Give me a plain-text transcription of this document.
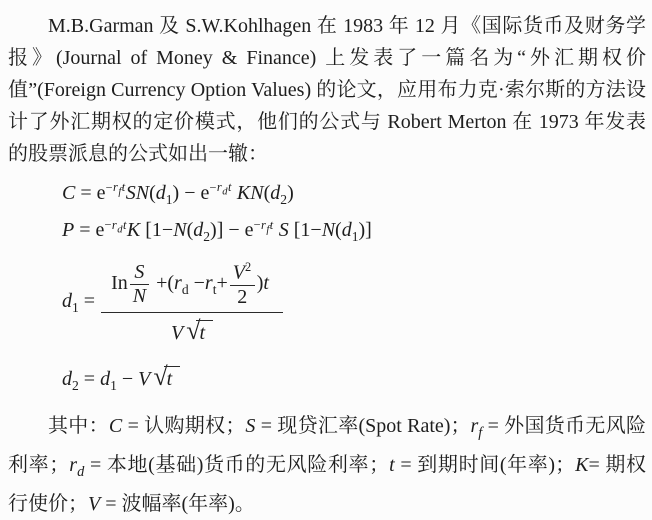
M.B.Garman 及 S.W.Kohlhagen 在 1983 年 12 月《国际货币及财务学报》(Journal of Money & Finance) 上发表了一篇名为“外汇期权价值”(Foreign Currency Option Values) 的论文，应用布力克·索尔斯的方法设计了外汇期权的定价模式，他们的公式与 Robert Merton 在 1973 年发表的股票派息的公式如出一辙：

$C = e^{-r_ft}SN(d_1) - e^{-r_dt}$ $KN(d_2)$
$P = e^{-r_dt}K$ $[1-N(d_2)] - e^{-r_ft}$ S $[1-N(d_1)]$
$d_1 = \frac{In \frac{S}{N} +(r_d -r_t+ \frac{V^2}{2} )t}{V √t}$
$d_2 = d_1 - V$ √t

其中：C = 认购期权；S = 现贷汇率(Spot Rate)；$r_f$ = 外国货币无风险利率；$r_d$ = 本地(基础)货币的无风险利率；t = 到期时间(年率)；K= 期权行使价；V = 波幅率(年率)。
